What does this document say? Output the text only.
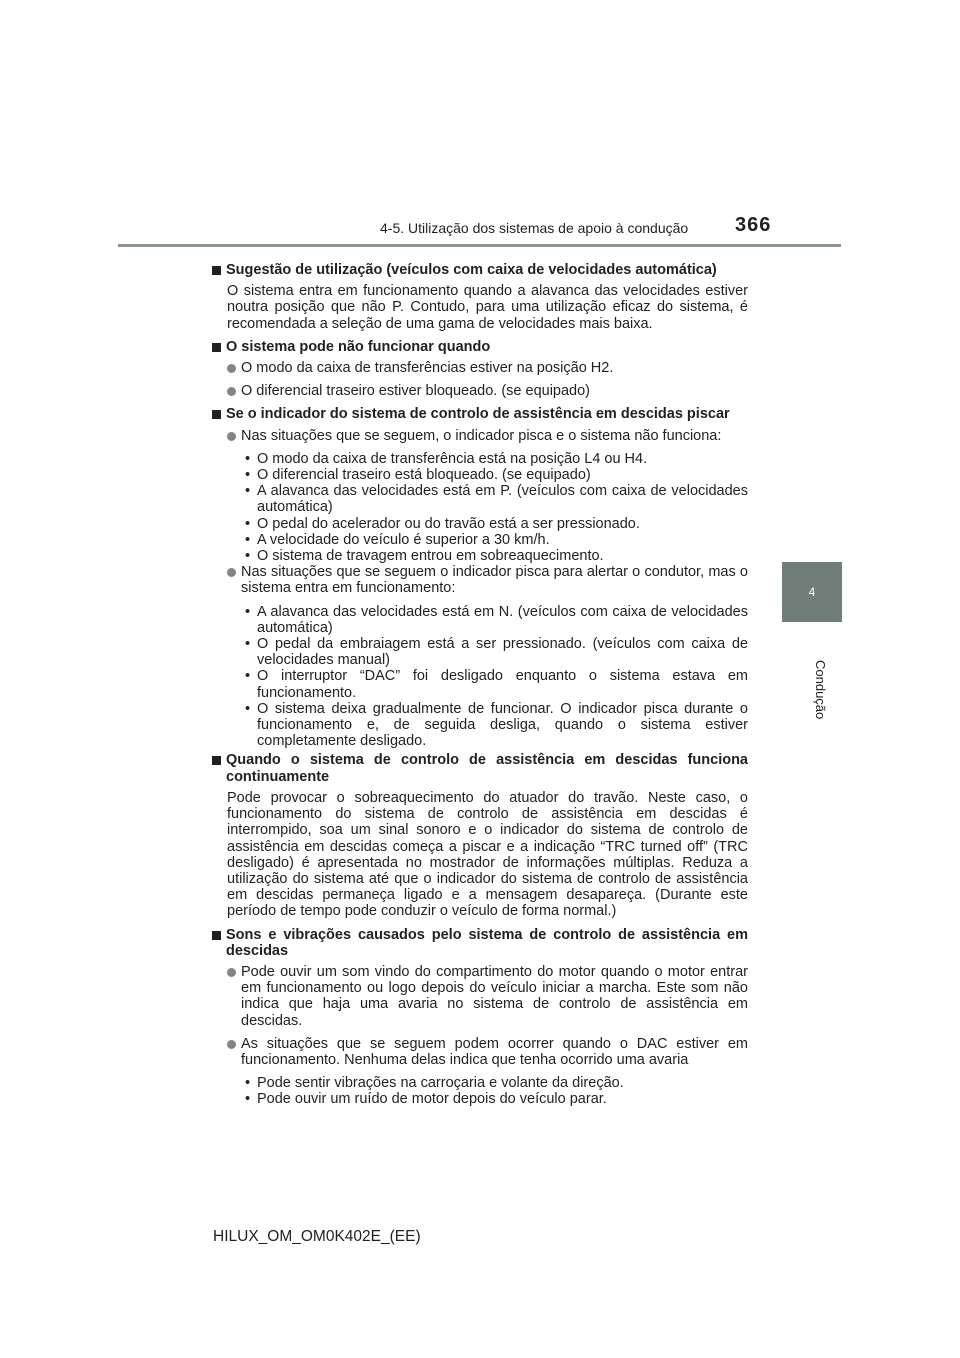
4-5. Utilização dos sistemas de apoio à condução 366
4
Condução
Sugestão de utilização (veículos com caixa de velocidades automática)
O sistema entra em funcionamento quando a alavanca das velocidades estiver noutra posição que não P. Contudo, para uma utilização eficaz do sistema, é recomendada a seleção de uma gama de velocidades mais baixa.
O sistema pode não funcionar quando
O modo da caixa de transferências estiver na posição H2.
O diferencial traseiro estiver bloqueado. (se equipado)
Se o indicador do sistema de controlo de assistência em descidas piscar
Nas situações que se seguem, o indicador pisca e o sistema não funciona:
• O modo da caixa de transferência está na posição L4 ou H4.
• O diferencial traseiro está bloqueado. (se equipado)
• A alavanca das velocidades está em P. (veículos com caixa de velocidades automática)
• O pedal do acelerador ou do travão está a ser pressionado.
• A velocidade do veículo é superior a 30 km/h.
• O sistema de travagem entrou em sobreaquecimento.
Nas situações que se seguem o indicador pisca para alertar o condutor, mas o sistema entra em funcionamento:
• A alavanca das velocidades está em N. (veículos com caixa de velocidades automática)
• O pedal da embraiagem está a ser pressionado. (veículos com caixa de velocidades manual)
• O interruptor “DAC” foi desligado enquanto o sistema estava em funcionamento.
• O sistema deixa gradualmente de funcionar. O indicador pisca durante o funcionamento e, de seguida desliga, quando o sistema estiver completamente desligado.
Quando o sistema de controlo de assistência em descidas funciona continuamente
Pode provocar o sobreaquecimento do atuador do travão. Neste caso, o funcionamento do sistema de controlo de assistência em descidas é interrompido, soa um sinal sonoro e o indicador do sistema de controlo de assistência em descidas começa a piscar e a indicação “TRC turned off” (TRC desligado) é apresentada no mostrador de informações múltiplas. Reduza a utilização do sistema até que o indicador do sistema de controlo de assistência em descidas permaneça ligado e a mensagem desapareça. (Durante este período de tempo pode conduzir o veículo de forma normal.)
Sons e vibrações causados pelo sistema de controlo de assistência em descidas
Pode ouvir um som vindo do compartimento do motor quando o motor entrar em funcionamento ou logo depois do veículo iniciar a marcha. Este som não indica que haja uma avaria no sistema de controlo de assistência em descidas.
As situações que se seguem podem ocorrer quando o DAC estiver em funcionamento. Nenhuma delas indica que tenha ocorrido uma avaria
• Pode sentir vibrações na carroçaria e volante da direção.
• Pode ouvir um ruído de motor depois do veículo parar.
HILUX_OM_OM0K402E_(EE)
